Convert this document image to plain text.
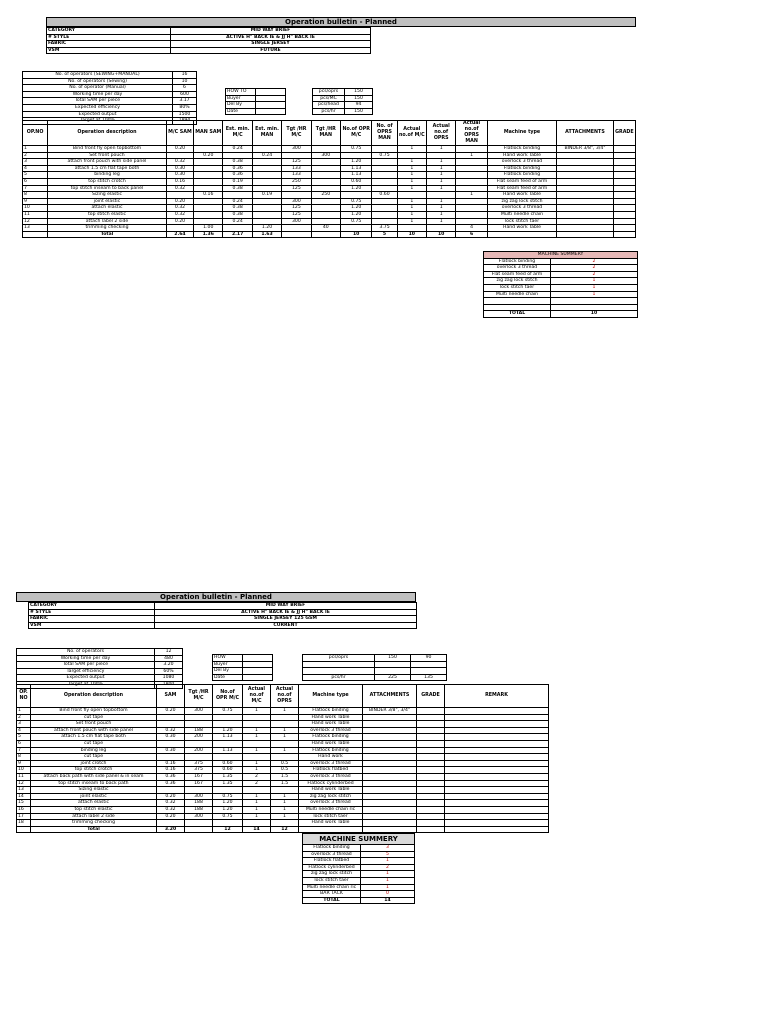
Operation bulletin - Planned
CATEGORY	MID WAY BRIEF
# STYLE	ACTIVE H" BACK IE & JJ H" BACK IE
FABRIC	SINGLE JERSEY
VSM	FUTURE
No. of operators (SEWING+MANUAL)	16
No. of operators (Sewing)	10
No. of operator (Manual)	6
Working time per day	600
Total SAM per piece	3.17
Expected efficiency	80%
Expected output	1500
Target at 100%	1894
HOW TO	
Buyer	
Del By	
Date	
pcs/oprs	150
pcs/MC	150
pcs/head	94
pcs/hr	150
OP.NO	Operation description	M/C SAM	MAN SAM	Est. min. M/C	Est. min. MAN	Tgt /HR M/C	Tgt /HR MAN	No.of OPR M/C	No. of OPRS MAN	Actual no.of M/C	Actual no.of OPRS	Actual no.of OPRS MAN	Machine type	ATTACHMENTS	GRADE
1	Bind front fly open topbottom	0.20		0.24		300		0.75		1	1		Flatlock binding	BINDER 3/8", 3/4"	
2	Set front pouch		0.20		0.24		300		0.75			1	Hand work Table		
3	attach front pouch with side panel	0.32		0.38		125		1.20		1	1		overlock 3 thread		
4	attach 1.5 cm flat tape both	0.30		0.36		133		1.13		1	1		Flatlock binding		
5	binding leg	0.30		0.36		133		1.13		1	1		Flatlock binding		
6	top stitch crotch	0.16		0.19		250		0.60		1	1		Flat seam feed of arm		
7	top stitch inseam to back panel	0.32		0.38		125		1.20		1	1		Flat seam feed of arm		
8	Sizing elastic		0.16		0.19		250		0.60			1	Hand work Table		
9	joint elastic	0.20		0.24		300		0.75		1	1		zig zag lock stitch		
10	attach elastic	0.32		0.38		125		1.20		1	1		overlock 3 thread		
11	top stitch elastic	0.32		0.38		125		1.20		1	1		Multi needle chain		
12	attach label 2 side	0.20		0.24		300		0.75		1	1		lock stitch taer		
13	trimming checking		1.00		1.20		40		3.75			4	Hand work Table		
	Total	2.64	1.36	2.17	1.63			10	5	10	10	6			
MACHINE SUMMERY	
Flatlock binding	2
overlock 3 thread	2
Flat seam feed of arm	2
zig zag lock stitch	1
lock stitch taer	1
Multi needle chain	1

TOTAL	10
Operation bulletin - Planned
CATEGORY	MID WAY BRIEF
# STYLE	ACTIVE H" BACK IE & JJ H" BACK IE
FABRIC	SINGLE JERSEY 125 GSM
VSM	CURRENT
No. of operators	12
Working time per day	480
Total SAM per piece	3.20
Target efficiency	60%
Expected output	1080
Target at 100%	1800
HOW	
Buyer	
Del By	
Date	
pcs/oprs	150	90

pcs/hr	225	135
OP. NO	Operation description	SAM	Tgt /HR M/C	No.of OPR M/C	Actual no.of M/C	Actual no.of OPRS	Machine type	ATTACHMENTS	GRADE	REMARK
1	Bind front fly open topbottom	0.20	300	0.75	1	1	Flatlock binding	BINDER 3/8", 3/4"		
2	cut tape						Hand work Table			
3	Set front pouch						Hand work Table			
4	attach front pouch with side panel	0.32	188	1.20	1	1	overlock 3 thread			
5	attach 1.5 cm flat tape both	0.30	200	1.13	1	1	Flatlock binding			
6	cut tape						Hand work Table			
7	binding leg	0.30	200	1.13	1	1	Flatlock binding			
8	cut tape						Hand work			
9	joint crotch	0.16	375	0.60	1	0.5	overlock 3 thread			
10	top stitch crotch	0.16	375	0.60	1	0.5	Flatlock flatbed			
11	attach back path with side panel & in seam	0.36	167	1.35	2	1.5	overlock 3 thread			
12	top stitch inseam to back path	0.36	167	1.35	2	1.5	Flatlock cylinderbed			
13	Sizing elastic						Hand work Table			
14	joint elastic	0.20	300	0.75	1	1	zig zag lock stitch			
15	attach elastic	0.32	188	1.20	1	1	overlock 3 thread			
16	top stitch elastic	0.32	188	1.20	1	1	Multi needle chain ric			
17	attach label 2 side	0.20	300	0.75	1	1	lock stitch taer			
18	trimming checking						Hand work Table			
	Total	3.20		12	14	12				
MACHINE SUMMERY	
Flatlock binding	3
overlock 3 thread	5
Flatlock flatbed	1
Flatlock cylinderbed	2
zig zag lock stitch	1
lock stitch taer	1
Multi needle chain ric	1
BAR TACK	0
TOTAL	14
